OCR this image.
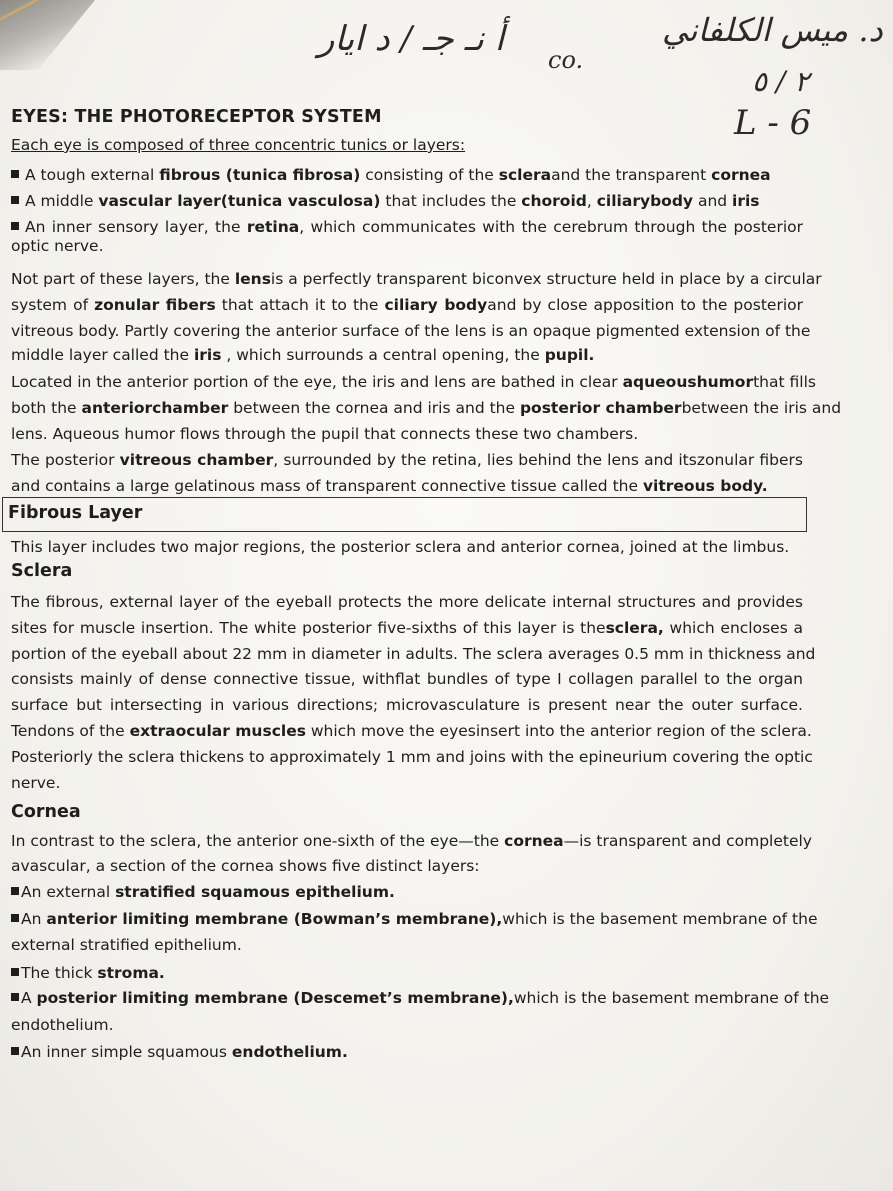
أ نـ جـ / د ايار
co.
د. ميس الكلفاني
٢ / ٥
L - 6
EYES: THE PHOTORECEPTOR SYSTEM
Each eye is composed of three concentric tunics or layers:
A tough external fibrous (tunica fibrosa) consisting of the scleraand the transparent cornea
A middle vascular layer(tunica vasculosa) that includes the choroid, ciliarybody and iris
An inner sensory layer, the retina, which communicates with the cerebrum through the posterior
optic nerve.
Not part of these layers, the lensis a perfectly transparent biconvex structure held in place by a circular
system of zonular fibers that attach it to the ciliary bodyand by close apposition to the posterior
vitreous body. Partly covering the anterior surface of the lens is an opaque pigmented extension of the
middle layer called the iris , which surrounds a central opening, the pupil.
Located in the anterior portion of the eye, the iris and lens are bathed in clear aqueoushumorthat fills
both the anteriorchamber between the cornea and iris and the posterior chamberbetween the iris and
lens. Aqueous humor flows through the pupil that connects these two chambers.
The posterior vitreous chamber, surrounded by the retina, lies behind the lens and itszonular fibers
and contains a large gelatinous mass of transparent connective tissue called the vitreous body.
Fibrous Layer
This layer includes two major regions, the posterior sclera and anterior cornea, joined at the limbus.
Sclera
The fibrous, external layer of the eyeball protects the more delicate internal structures and provides
sites for muscle insertion. The white posterior five-sixths of this layer is thesclera, which encloses a
portion of the eyeball about 22 mm in diameter in adults. The sclera averages 0.5 mm in thickness and
consists mainly of dense connective tissue, withflat bundles of type I collagen parallel to the organ
surface but intersecting in various directions; microvasculature is present near the outer surface.
Tendons of the extraocular muscles which move the eyesinsert into the anterior region of the sclera.
Posteriorly the sclera thickens to approximately 1 mm and joins with the epineurium covering the optic
nerve.
Cornea
In contrast to the sclera, the anterior one-sixth of the eye—the cornea—is transparent and completely
avascular, a section of the cornea shows five distinct layers:
An external stratified squamous epithelium.
An anterior limiting membrane (Bowman’s membrane),which is the basement membrane of the
external stratified epithelium.
The thick stroma.
A posterior limiting membrane (Descemet’s membrane),which is the basement membrane of the
endothelium.
An inner simple squamous endothelium.
